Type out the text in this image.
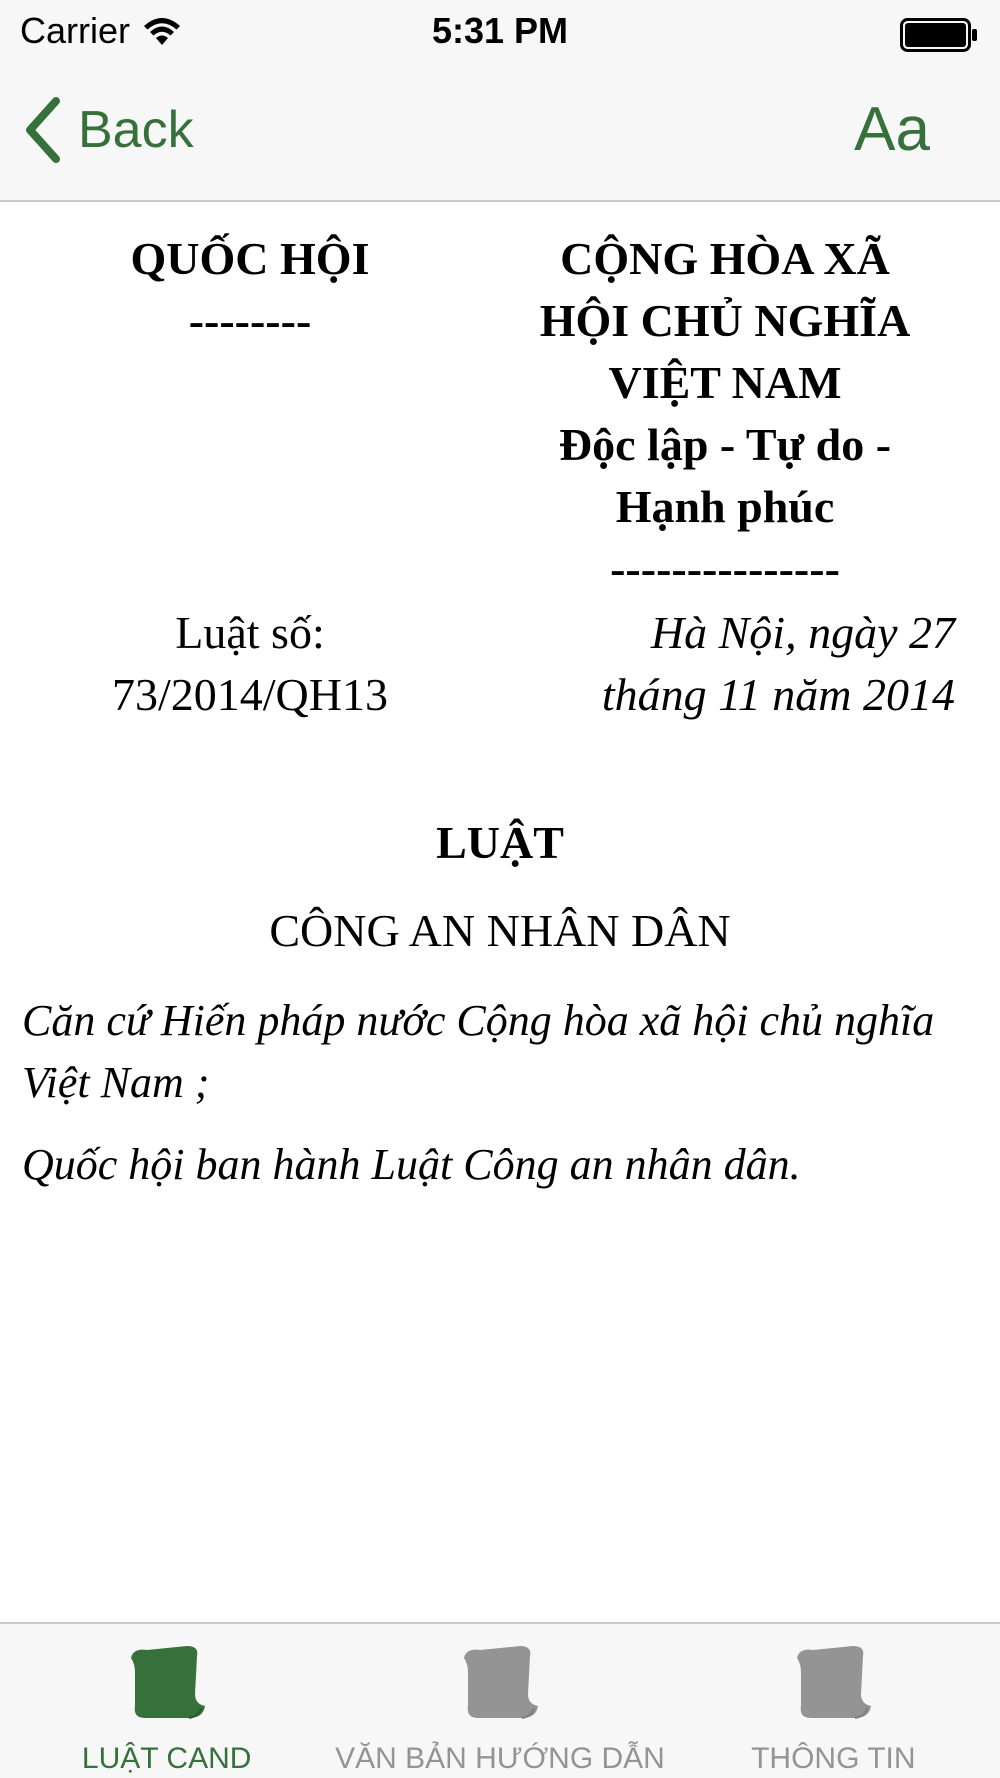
Carrier	5:31 PM
Back	Aa
QUỐC HỘI
--------
CỘNG HÒA XÃ
HỘI CHỦ NGHĨA
VIỆT NAM
Độc lập - Tự do -
Hạnh phúc
---------------
Luật số:
73/2014/QH13
Hà Nội, ngày 27
tháng 11 năm 2014
LUẬT
CÔNG AN NHÂN DÂN
Căn cứ Hiến pháp nước Cộng hòa xã hội chủ nghĩa Việt Nam ;
Quốc hội ban hành Luật Công an nhân dân.
LUẬT CAND	VĂN BẢN HƯỚNG DẪN	THÔNG TIN
